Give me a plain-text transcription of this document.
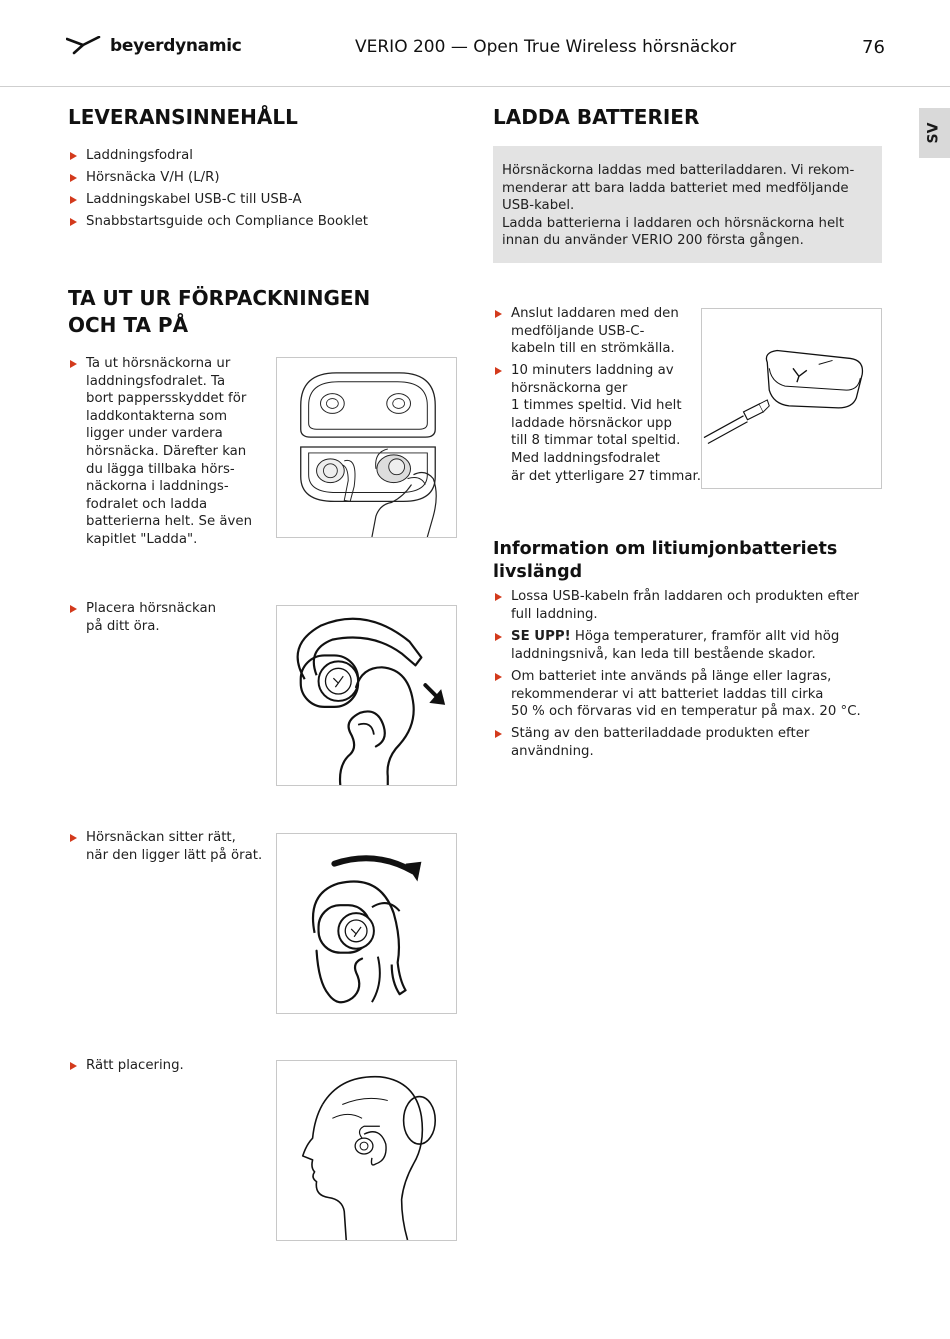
beyerdynamic	VERIO 200 — Open True Wireless hörsnäckor	76
SV
LEVERANSINNEHÅLL
Laddningsfodral
Hörsnäcka V/H (L/R)
Laddningskabel USB-C till USB-A
Snabbstartsguide och Compliance Booklet
TA UT UR FÖRPACKNINGEN
OCH TA PÅ
Ta ut hörsnäckorna ur
laddningsfodralet. Ta
bort pappersskyddet för
laddkontakterna som
ligger under vardera
hörsnäcka. Därefter kan
du lägga tillbaka hörs-
näckorna i laddnings-
fodralet och ladda
batterierna helt. Se även
kapitlet "Ladda".
Placera hörsnäckan
på ditt öra.
Hörsnäckan sitter rätt,
när den ligger lätt på örat.
Rätt placering.
LADDA BATTERIER
Hörsnäckorna laddas med batteriladdaren. Vi rekom-
menderar att bara ladda batteriet med medföljande
USB-kabel.
Ladda batterierna i laddaren och hörsnäckorna helt
innan du använder VERIO 200 första gången.
Anslut laddaren med den
medföljande USB-C-
kabeln till en strömkälla.
10 minuters laddning av
hörsnäckorna ger
1 timmes speltid. Vid helt
laddade hörsnäckor upp
till 8 timmar total speltid.
Med laddningsfodralet
är det ytterligare 27 timmar.
Information om litiumjonbatteriets
livslängd
Lossa USB-kabeln från laddaren och produkten efter
full laddning.
SE UPP! Höga temperaturer, framför allt vid hög
laddningsnivå, kan leda till bestående skador.
Om batteriet inte används på länge eller lagras,
rekommenderar vi att batteriet laddas till cirka
50 % och förvaras vid en temperatur på max. 20 °C.
Stäng av den batteriladdade produkten efter
användning.
